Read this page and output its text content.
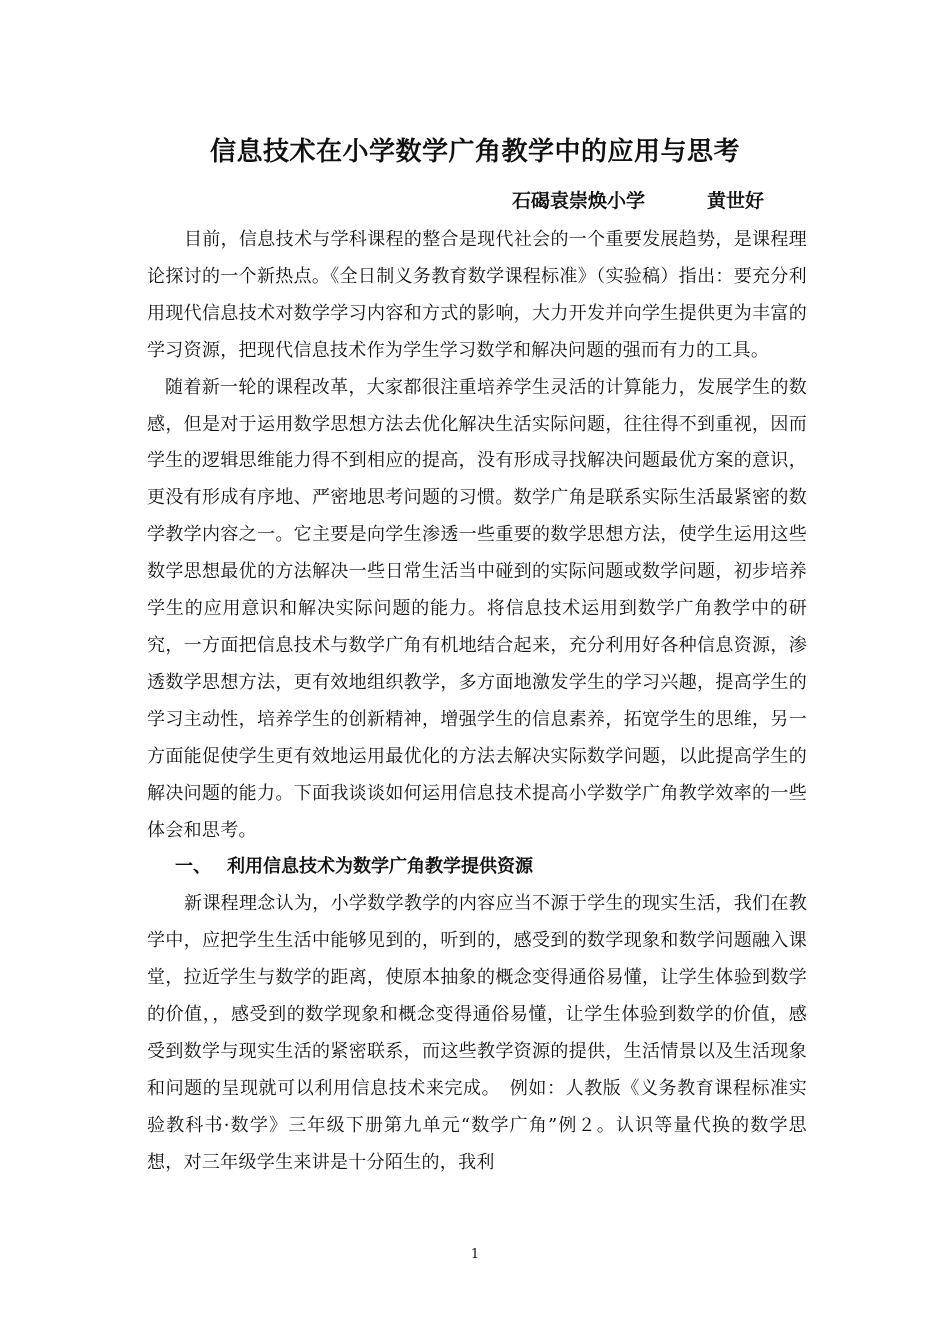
信息技术在小学数学广角教学中的应用与思考
石碣袁崇焕小学	黄世好

目前，信息技术与学科课程的整合是现代社会的一个重要发展趋势，是课程理论探讨的一个新热点。《全日制义务教育数学课程标准》（实验稿）指出：要充分利用现代信息技术对数学学习内容和方式的影响，大力开发并向学生提供更为丰富的学习资源，把现代信息技术作为学生学习数学和解决问题的强而有力的工具。

随着新一轮的课程改革，大家都很注重培养学生灵活的计算能力，发展学生的数感，但是对于运用数学思想方法去优化解决生活实际问题，往往得不到重视，因而学生的逻辑思维能力得不到相应的提高，没有形成寻找解决问题最优方案的意识，更没有形成有序地、严密地思考问题的习惯。数学广角是联系实际生活最紧密的数学教学内容之一。它主要是向学生渗透一些重要的数学思想方法，使学生运用这些数学思想最优的方法解决一些日常生活当中碰到的实际问题或数学问题，初步培养学生的应用意识和解决实际问题的能力。将信息技术运用到数学广角教学中的研究，一方面把信息技术与数学广角有机地结合起来，充分利用好各种信息资源，渗透数学思想方法，更有效地组织教学，多方面地激发学生的学习兴趣，提高学生的学习主动性，培养学生的创新精神，增强学生的信息素养，拓宽学生的思维，另一方面能促使学生更有效地运用最优化的方法去解决实际数学问题，以此提高学生的解决问题的能力。下面我谈谈如何运用信息技术提高小学数学广角教学效率的一些体会和思考。

一、 利用信息技术为数学广角教学提供资源

新课程理念认为，小学数学教学的内容应当不源于学生的现实生活，我们在教学中，应把学生生活中能够见到的，听到的，感受到的数学现象和数学问题融入课堂，拉近学生与数学的距离，使原本抽象的概念变得通俗易懂，让学生体验到数学的价值，，感受到的数学现象和概念变得通俗易懂，让学生体验到数学的价值，感受到数学与现实生活的紧密联系，而这些教学资源的提供，生活情景以及生活现象和问题的呈现就可以利用信息技术来完成。　例如：人教版《义务教育课程标准实验教科书·数学》三年级下册第九单元“数学广角”例２。认识等量代换的数学思想，对三年级学生来讲是十分陌生的，我利

1
